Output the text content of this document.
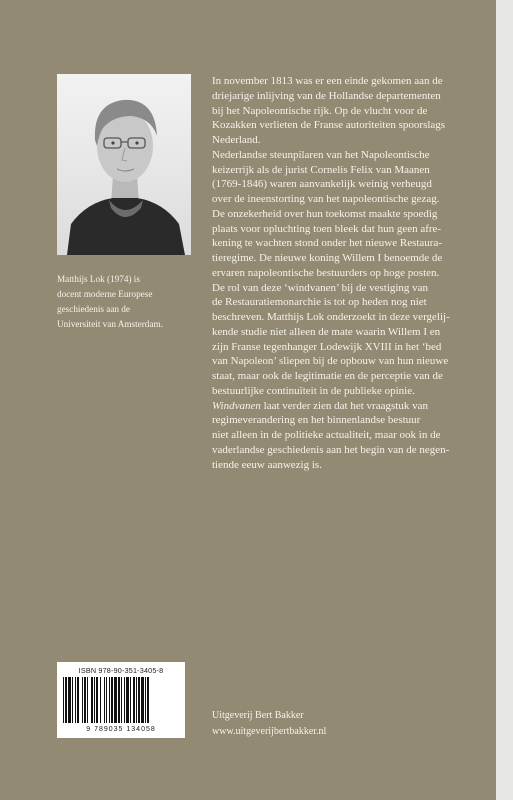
Matthijs Lok (1974) is
docent moderne Europese
geschiedenis aan de
Universiteit van Amsterdam.
In november 1813 was er een einde gekomen aan de
driejarige inlijving van de Hollandse departementen
bij het Napoleontische rijk. Op de vlucht voor de
Kozakken verlieten de Franse autoriteiten spoorslags
Nederland.
Nederlandse steunpilaren van het Napoleontische
keizerrijk als de jurist Cornelis Felix van Maanen
(1769-1846) waren aanvankelijk weinig verheugd
over de ineenstorting van het napoleontische gezag.
De onzekerheid over hun toekomst maakte spoedig
plaats voor opluchting toen bleek dat hun geen afre-
kening te wachten stond onder het nieuwe Restaura-
tieregime. De nieuwe koning Willem I benoemde de
ervaren napoleontische bestuurders op hoge posten.
De rol van deze ‘windvanen’ bij de vestiging van
de Restauratiemonarchie is tot op heden nog niet
beschreven. Matthijs Lok onderzoekt in deze vergelij-
kende studie niet alleen de mate waarin Willem I en
zijn Franse tegenhanger Lodewijk XVIII in het ‘bed
van Napoleon’ sliepen bij de opbouw van hun nieuwe
staat, maar ook de legitimatie en de perceptie van de
bestuurlijke continuïteit in de publieke opinie.
Windvanen laat verder zien dat het vraagstuk van
regimeverandering en het binnenlandse bestuur
niet alleen in de politieke actualiteit, maar ook in de
vaderlandse geschiedenis aan het begin van de negen-
tiende eeuw aanwezig is.
ISBN 978-90-351-3405-8
9 789035 134058
Uitgeverij Bert Bakker
www.uitgeverijbertbakker.nl
